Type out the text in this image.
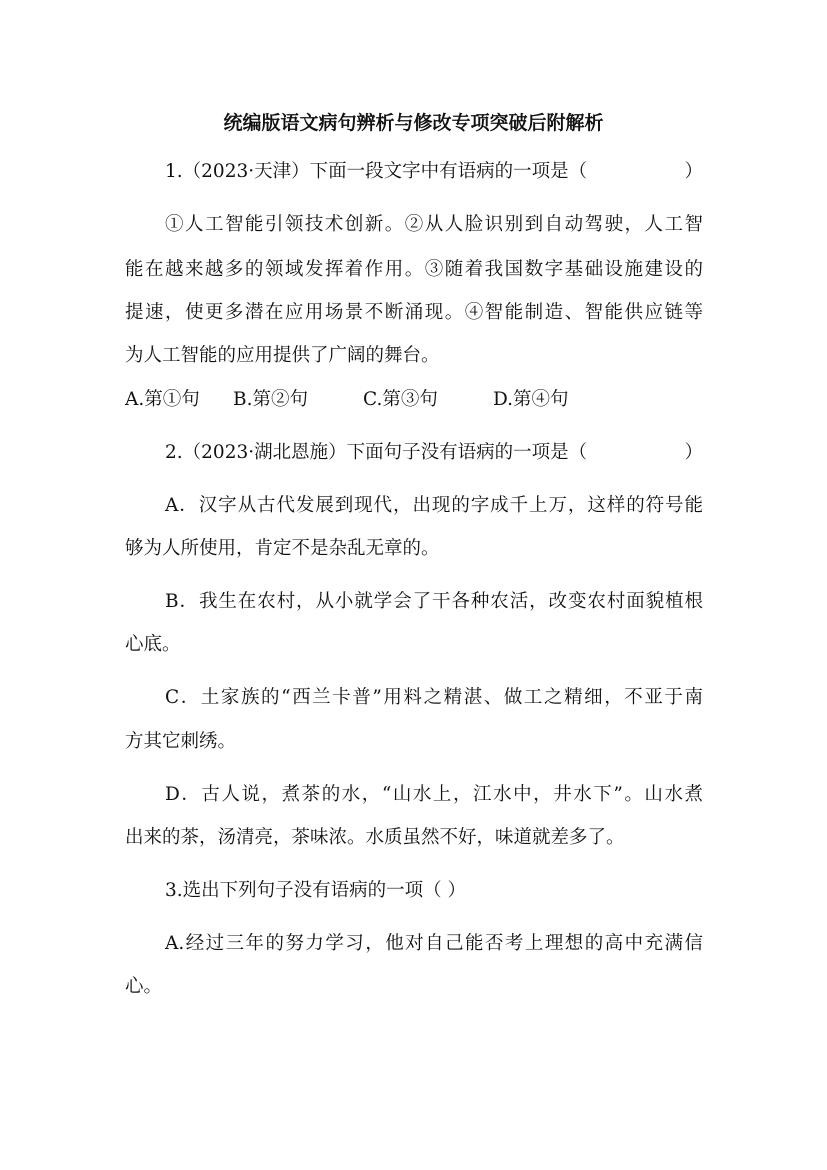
统编版语文病句辨析与修改专项突破后附解析
1.（2023·天津）下面一段文字中有语病的一项是（	）
①人工智能引领技术创新。②从人脸识别到自动驾驶，人工智
能在越来越多的领域发挥着作用。③随着我国数字基础设施建设的
提速，使更多潜在应用场景不断涌现。④智能制造、智能供应链等
为人工智能的应用提供了广阔的舞台。
A.第①句	B.第②句	C.第③句	D.第④句
2.（2023·湖北恩施）下面句子没有语病的一项是（	）
A．汉字从古代发展到现代，出现的字成千上万，这样的符号能
够为人所使用，肯定不是杂乱无章的。
B．我生在农村，从小就学会了干各种农活，改变农村面貌植根
心底。
C．土家族的“西兰卡普”用料之精湛、做工之精细，不亚于南
方其它刺绣。
D．古人说，煮茶的水，“山水上，江水中，井水下”。山水煮
出来的茶，汤清亮，茶味浓。水质虽然不好，味道就差多了。
3.选出下列句子没有语病的一项（ ）
A.经过三年的努力学习，他对自己能否考上理想的高中充满信
心。
